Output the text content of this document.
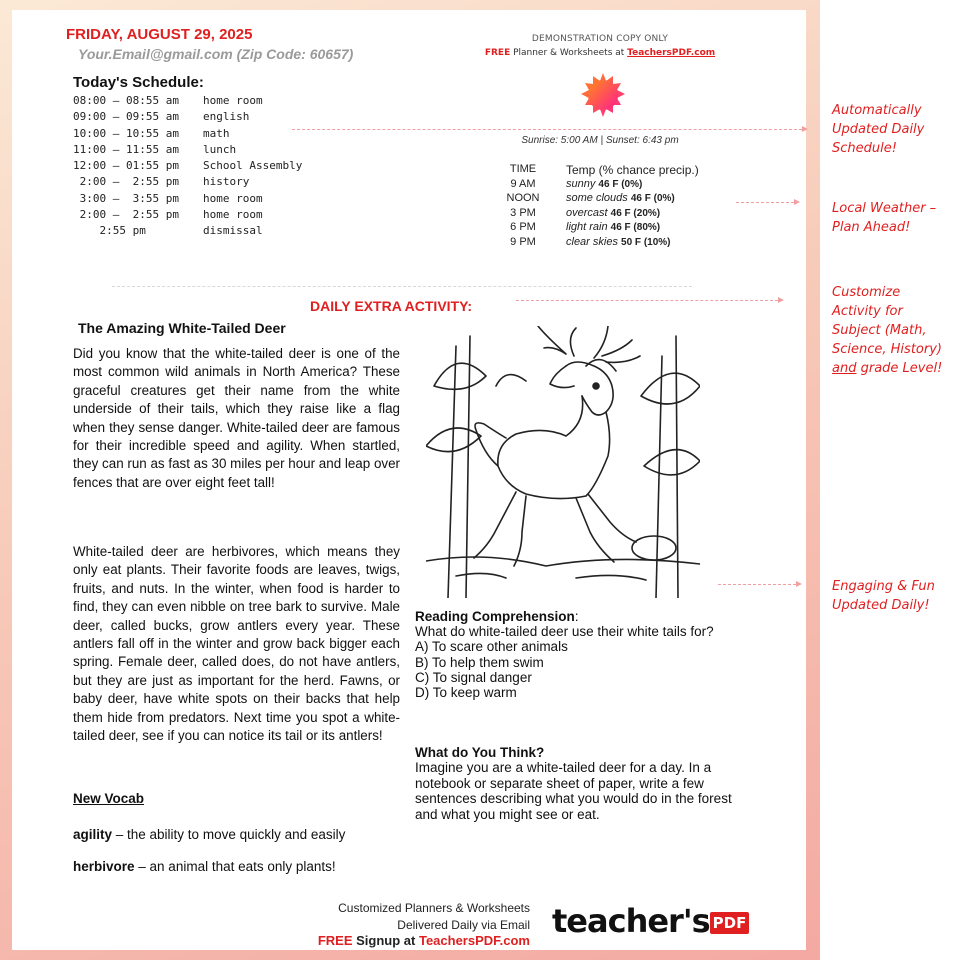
FRIDAY, AUGUST 29, 2025
Your.Email@gmail.com (Zip Code: 60657)
DEMONSTRATION COPY ONLY
FREE Planner & Worksheets at TeachersPDF.com
Today's Schedule:
08:00 – 08:55 am	home room
09:00 – 09:55 am	english
10:00 – 10:55 am	math
11:00 – 11:55 am	lunch
12:00 – 01:55 pm	School Assembly
2:00 –  2:55 pm	history
3:00 –  3:55 pm	home room
2:00 –  2:55 pm	home room
2:55 pm	dismissal
Sunrise: 5:00 AM | Sunset: 6:43 pm
TIME	Temp (% chance precip.)
9 AM	sunny 46 F (0%)
NOON	some clouds 46 F (0%)
3 PM	overcast 46 F (20%)
6 PM	light rain 46 F (80%)
9 PM	clear skies 50 F (10%)
DAILY EXTRA ACTIVITY:
The Amazing White-Tailed Deer
Did you know that the white-tailed deer is one of the most common wild animals in North America? These graceful creatures get their name from the white underside of their tails, which they raise like a flag when they sense danger. White-tailed deer are famous for their incredible speed and agility. When startled, they can run as fast as 30 miles per hour and leap over fences that are over eight feet tall!
White-tailed deer are herbivores, which means they only eat plants. Their favorite foods are leaves, twigs, fruits, and nuts. In the winter, when food is harder to find, they can even nibble on tree bark to survive. Male deer, called bucks, grow antlers every year. These antlers fall off in the winter and grow back bigger each spring. Female deer, called does, do not have antlers, but they are just as important for the herd. Fawns, or baby deer, have white spots on their backs that help them hide from predators. Next time you spot a white-tailed deer, see if you can notice its tail or its antlers!
New Vocab
agility – the ability to move quickly and easily
herbivore – an animal that eats only plants!
Reading Comprehension:
What do white-tailed deer use their white tails for?
A) To scare other animals
B) To help them swim
C) To signal danger
D) To keep warm
What do You Think?
Imagine you are a white-tailed deer for a day. In a notebook or separate sheet of paper, write a few sentences describing what you would do in the forest and what you might see or eat.
Customized Planners & Worksheets
Delivered Daily via Email
FREE Signup at TeachersPDF.com
teacher's PDF
Automatically
Updated Daily
Schedule!
Local Weather –
Plan Ahead!
Customize
Activity for
Subject (Math,
Science, History)
and grade Level!
Engaging & Fun
Updated Daily!
